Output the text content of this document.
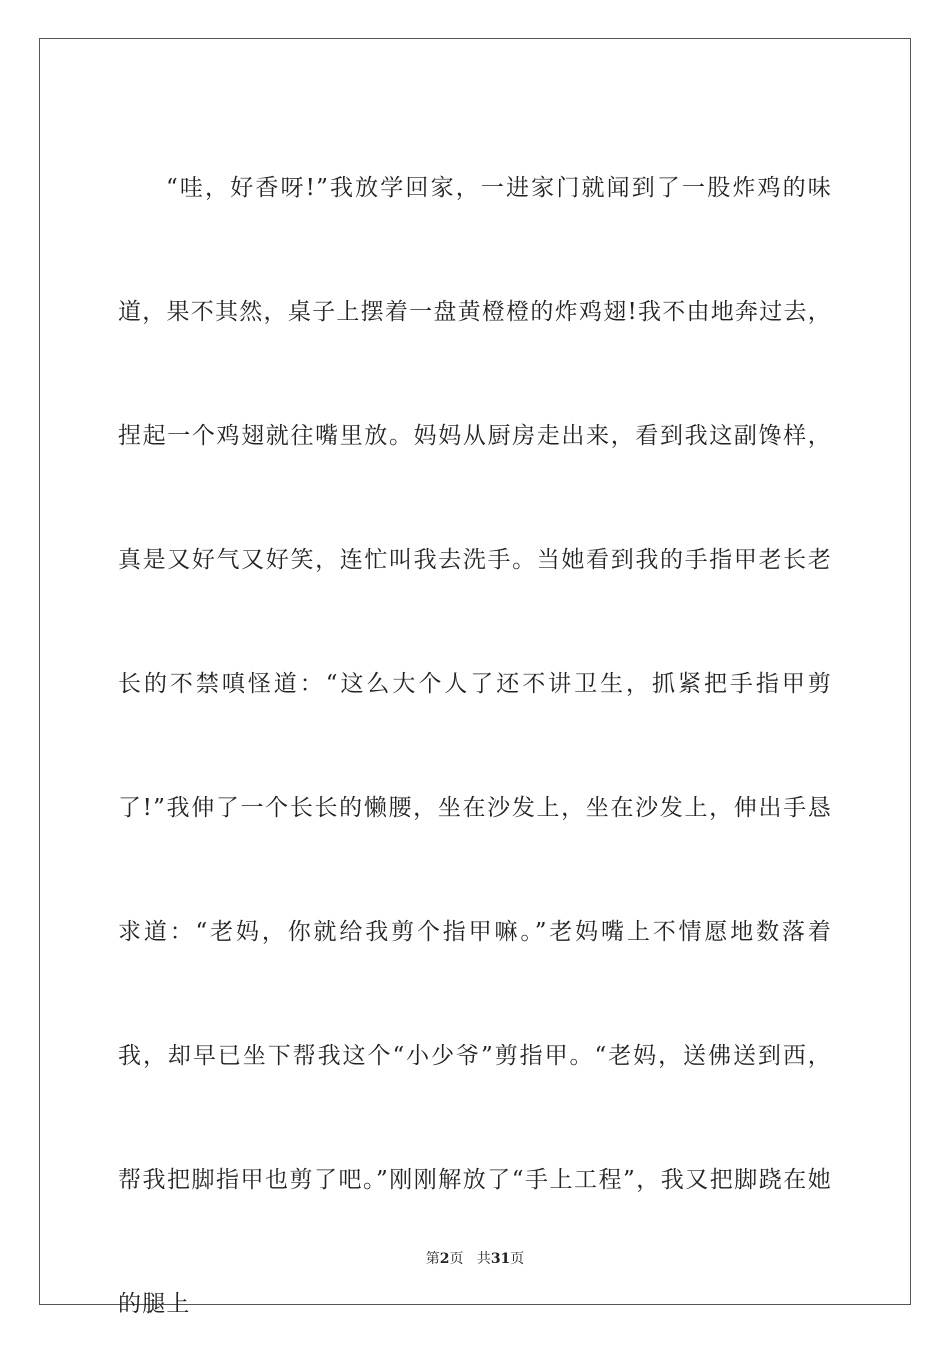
“哇，好香呀!”我放学回家，一进家门就闻到了一股炸鸡的味道，果不其然，桌子上摆着一盘黄橙橙的炸鸡翅!我不由地奔过去，捏起一个鸡翅就往嘴里放。妈妈从厨房走出来，看到我这副馋样，真是又好气又好笑，连忙叫我去洗手。当她看到我的手指甲老长老长的不禁嗔怪道：“这么大个人了还不讲卫生，抓紧把手指甲剪了!”我伸了一个长长的懒腰，坐在沙发上，坐在沙发上，伸出手恳求道：“老妈，你就给我剪个指甲嘛。”老妈嘴上不情愿地数落着我，却早已坐下帮我这个“小少爷”剪指甲。“老妈，送佛送到西，帮我把脚指甲也剪了吧。”刚刚解放了“手上工程”，我又把脚跷在她的腿上

第2页 共31页
